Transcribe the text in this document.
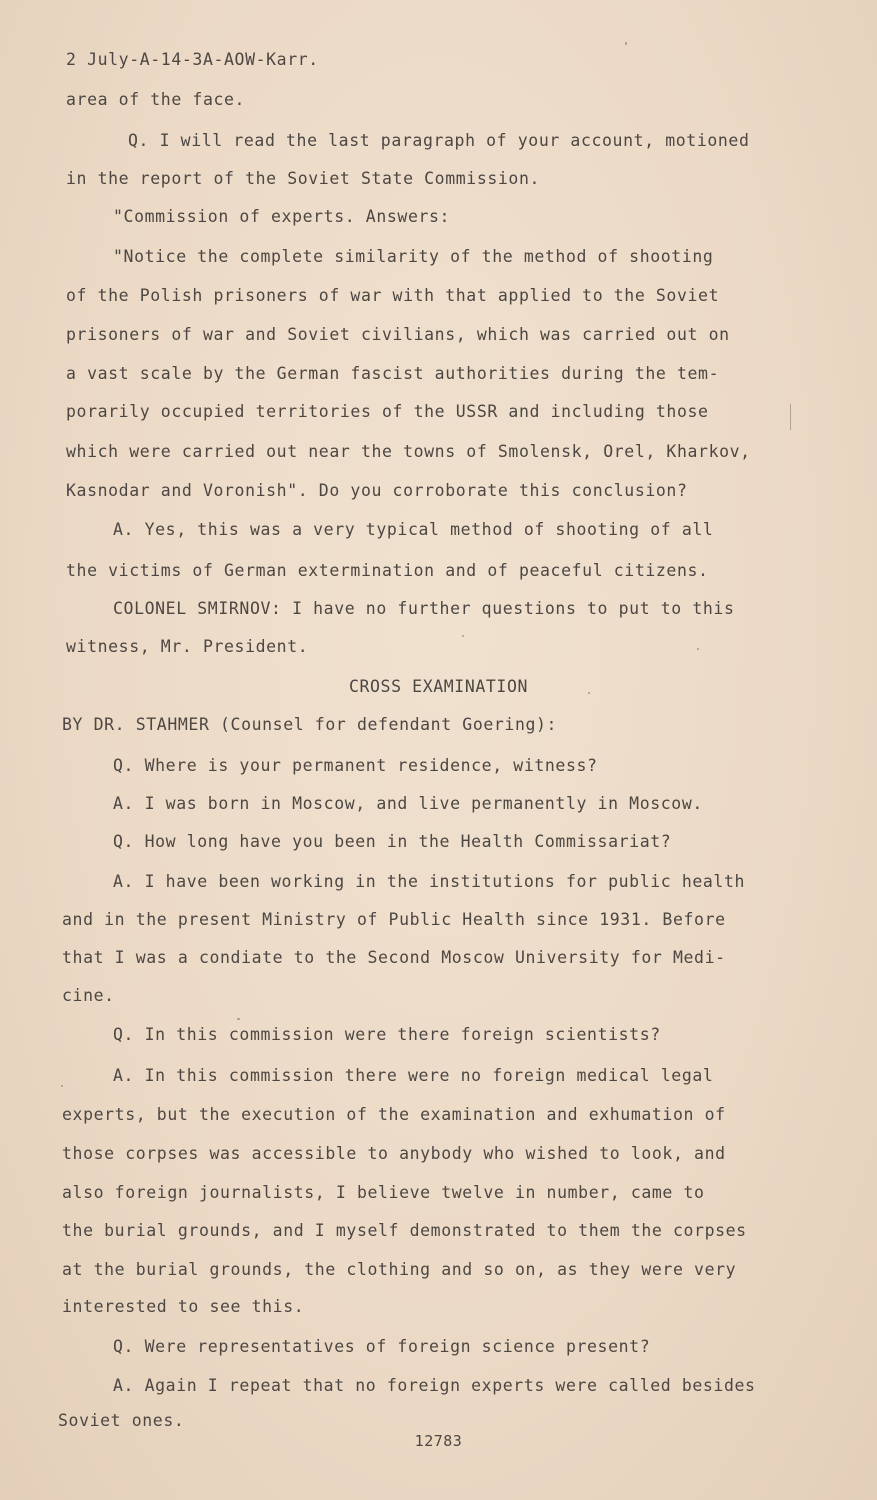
2 July-A-14-3A-AOW-Karr.
area of the face.
Q. I will read the last paragraph of your account, motioned
in the report of the Soviet State Commission.
"Commission of experts. Answers:
"Notice the complete similarity of the method of shooting
of the Polish prisoners of war with that applied to the Soviet
prisoners of war and Soviet civilians, which was carried out on
a vast scale by the German fascist authorities during the tem-
porarily occupied territories of the USSR and including those
which were carried out near the towns of Smolensk, Orel, Kharkov,
Kasnodar and Voronish". Do you corroborate this conclusion?
A. Yes, this was a very typical method of shooting of all
the victims of German extermination and of peaceful citizens.
COLONEL SMIRNOV: I have no further questions to put to this
witness, Mr. President.
CROSS EXAMINATION
BY DR. STAHMER (Counsel for defendant Goering):
Q. Where is your permanent residence, witness?
A. I was born in Moscow, and live permanently in Moscow.
Q. How long have you been in the Health Commissariat?
A. I have been working in the institutions for public health
and in the present Ministry of Public Health since 1931. Before
that I was a condiate to the Second Moscow University for Medi-
cine.
Q. In this commission were there foreign scientists?
A. In this commission there were no foreign medical legal
experts, but the execution of the examination and exhumation of
those corpses was accessible to anybody who wished to look, and
also foreign journalists, I believe twelve in number, came to
the burial grounds, and I myself demonstrated to them the corpses
at the burial grounds, the clothing and so on, as they were very
interested to see this.
Q. Were representatives of foreign science present?
A. Again I repeat that no foreign experts were called besides
Soviet ones.
12783
